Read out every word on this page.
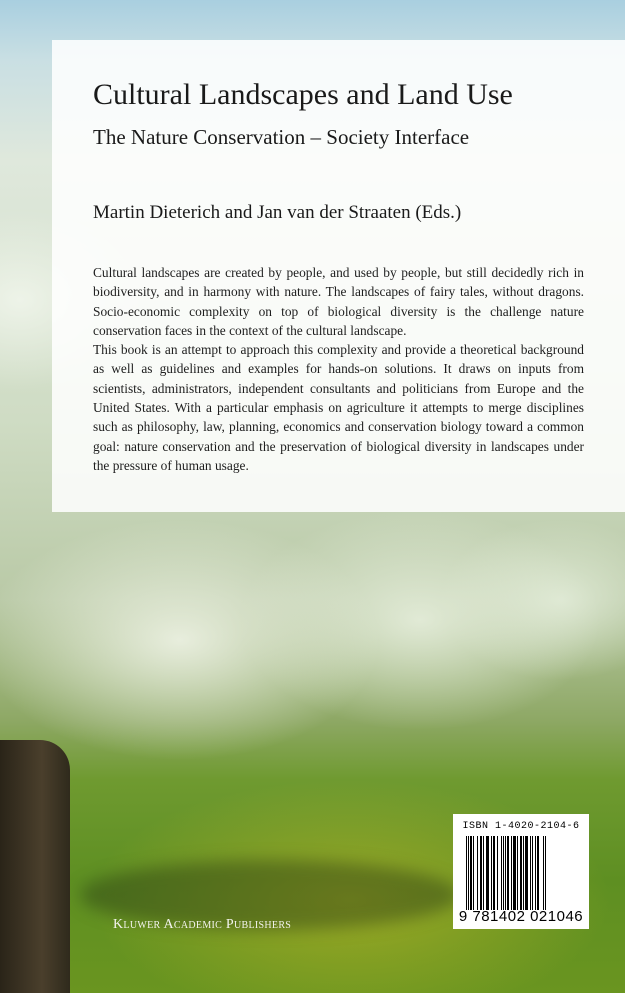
Cultural Landscapes and Land Use
The Nature Conservation – Society Interface
Martin Dieterich and Jan van der Straaten (Eds.)

Cultural landscapes are created by people, and used by people, but still decidedly rich in biodiversity, and in harmony with nature. The landscapes of fairy tales, without dragons. Socio-economic complexity on top of biological diversity is the challenge nature conservation faces in the context of the cultural landscape.

This book is an attempt to approach this complexity and provide a theoretical background as well as guidelines and examples for hands-on solutions. It draws on inputs from scientists, administrators, independent consultants and politicians from Europe and the United States. With a particular emphasis on agriculture it attempts to merge disciplines such as philosophy, law, planning, economics and conservation biology toward a common goal: nature conservation and the preservation of biological diversity in landscapes under the pressure of human usage.

Kluwer Academic Publishers
ISBN 1-4020-2104-6
9 781402 021046
